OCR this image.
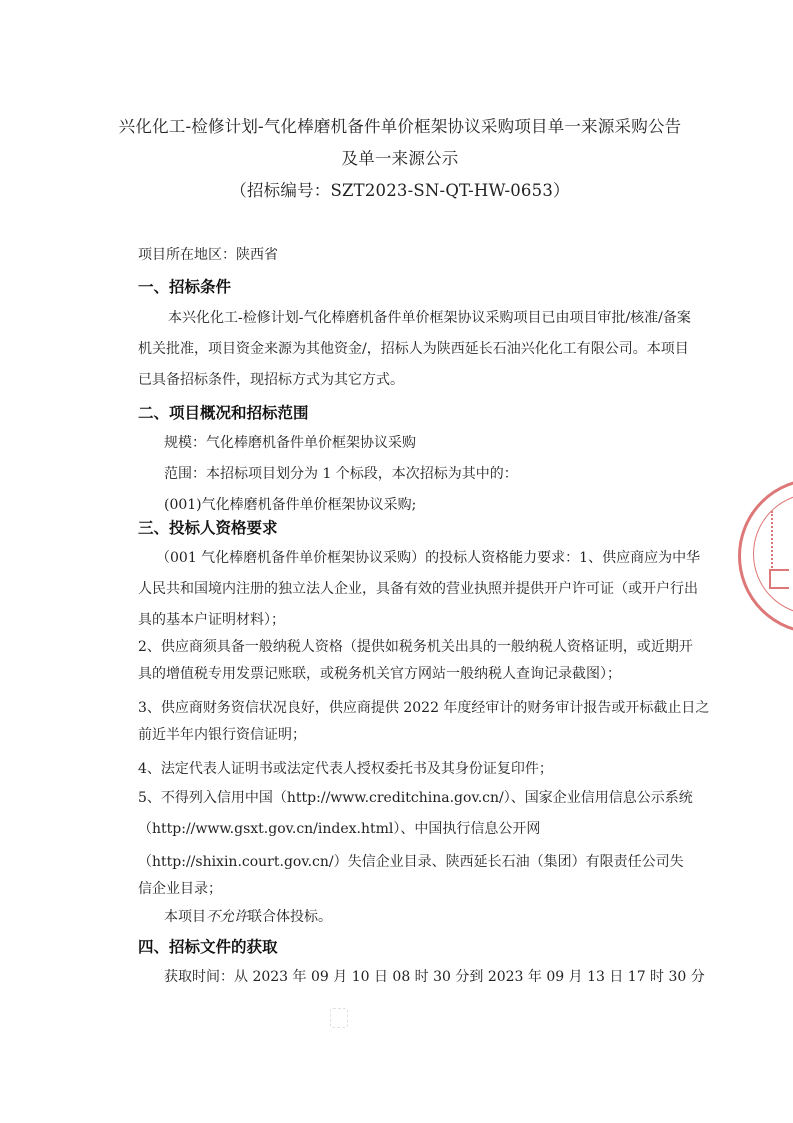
兴化化工-检修计划-气化棒磨机备件单价框架协议采购项目单一来源采购公告
及单一来源公示
（招标编号：SZT2023-SN-QT-HW-0653）
项目所在地区：陕西省
一、招标条件
本兴化化工-检修计划-气化棒磨机备件单价框架协议采购项目已由项目审批/核准/备案
机关批准，项目资金来源为其他资金/，招标人为陕西延长石油兴化化工有限公司。本项目
已具备招标条件，现招标方式为其它方式。
二、项目概况和招标范围
规模：气化棒磨机备件单价框架协议采购
范围：本招标项目划分为 1 个标段，本次招标为其中的：
(001)气化棒磨机备件单价框架协议采购;
三、投标人资格要求
（001 气化棒磨机备件单价框架协议采购）的投标人资格能力要求：1、供应商应为中华
人民共和国境内注册的独立法人企业，具备有效的营业执照并提供开户许可证（或开户行出
具的基本户证明材料）；
2、供应商须具备一般纳税人资格（提供如税务机关出具的一般纳税人资格证明，或近期开
具的增值税专用发票记账联，或税务机关官方网站一般纳税人查询记录截图）；
3、供应商财务资信状况良好，供应商提供 2022 年度经审计的财务审计报告或开标截止日之
前近半年内银行资信证明；
4、法定代表人证明书或法定代表人授权委托书及其身份证复印件；
5、不得列入信用中国（http://www.creditchina.gov.cn/）、国家企业信用信息公示系统
（http://www.gsxt.gov.cn/index.html）、中国执行信息公开网
（http://shixin.court.gov.cn/）失信企业目录、陕西延长石油（集团）有限责任公司失
信企业目录；
本项目不允许联合体投标。
四、招标文件的获取
获取时间：从 2023 年 09 月 10 日 08 时 30 分到 2023 年 09 月 13 日 17 时 30 分
